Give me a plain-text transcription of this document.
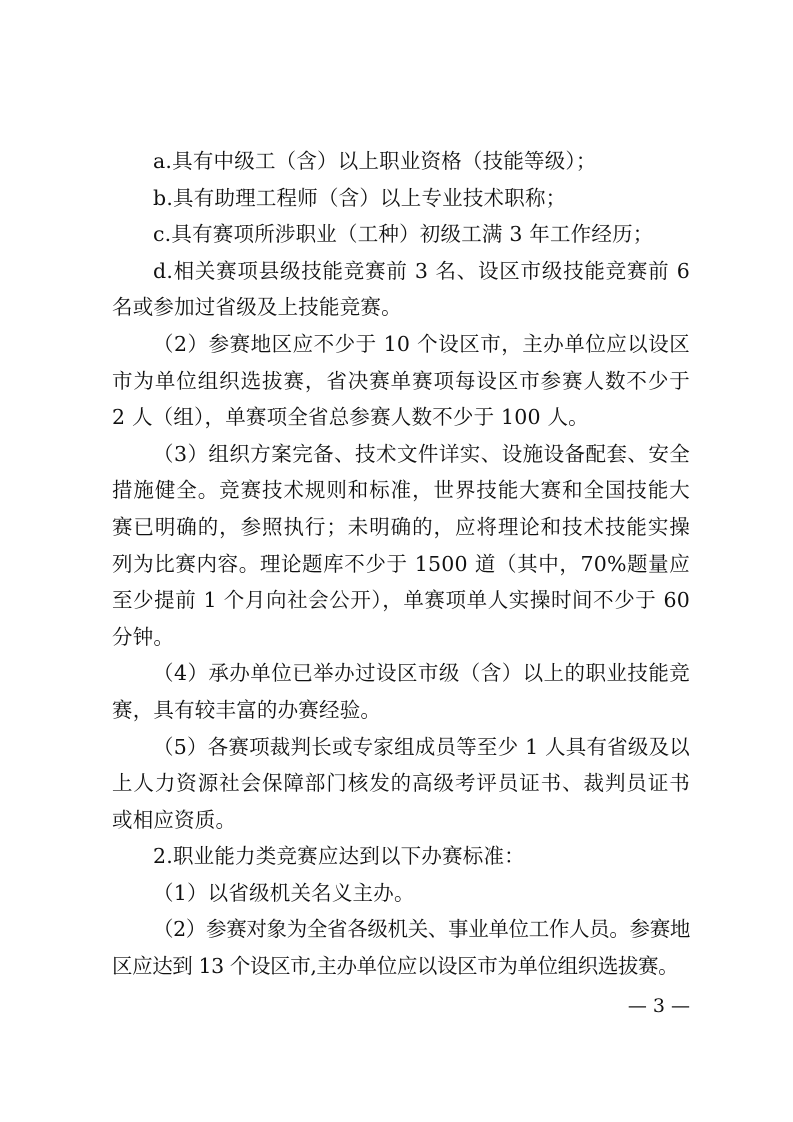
a.具有中级工（含）以上职业资格（技能等级）；

b.具有助理工程师（含）以上专业技术职称；

c.具有赛项所涉职业（工种）初级工满 3 年工作经历；

d.相关赛项县级技能竞赛前 3 名、设区市级技能竞赛前 6 名或参加过省级及上技能竞赛。

（2）参赛地区应不少于 10 个设区市，主办单位应以设区市为单位组织选拔赛，省决赛单赛项每设区市参赛人数不少于 2 人（组），单赛项全省总参赛人数不少于 100 人。

（3）组织方案完备、技术文件详实、设施设备配套、安全措施健全。竞赛技术规则和标准，世界技能大赛和全国技能大赛已明确的，参照执行；未明确的，应将理论和技术技能实操列为比赛内容。理论题库不少于 1500 道（其中，70%题量应至少提前 1 个月向社会公开），单赛项单人实操时间不少于 60 分钟。

（4）承办单位已举办过设区市级（含）以上的职业技能竞赛，具有较丰富的办赛经验。

（5）各赛项裁判长或专家组成员等至少 1 人具有省级及以上人力资源社会保障部门核发的高级考评员证书、裁判员证书或相应资质。

2.职业能力类竞赛应达到以下办赛标准：

（1）以省级机关名义主办。

（2）参赛对象为全省各级机关、事业单位工作人员。参赛地区应达到 13 个设区市,主办单位应以设区市为单位组织选拔赛。

— 3 —
